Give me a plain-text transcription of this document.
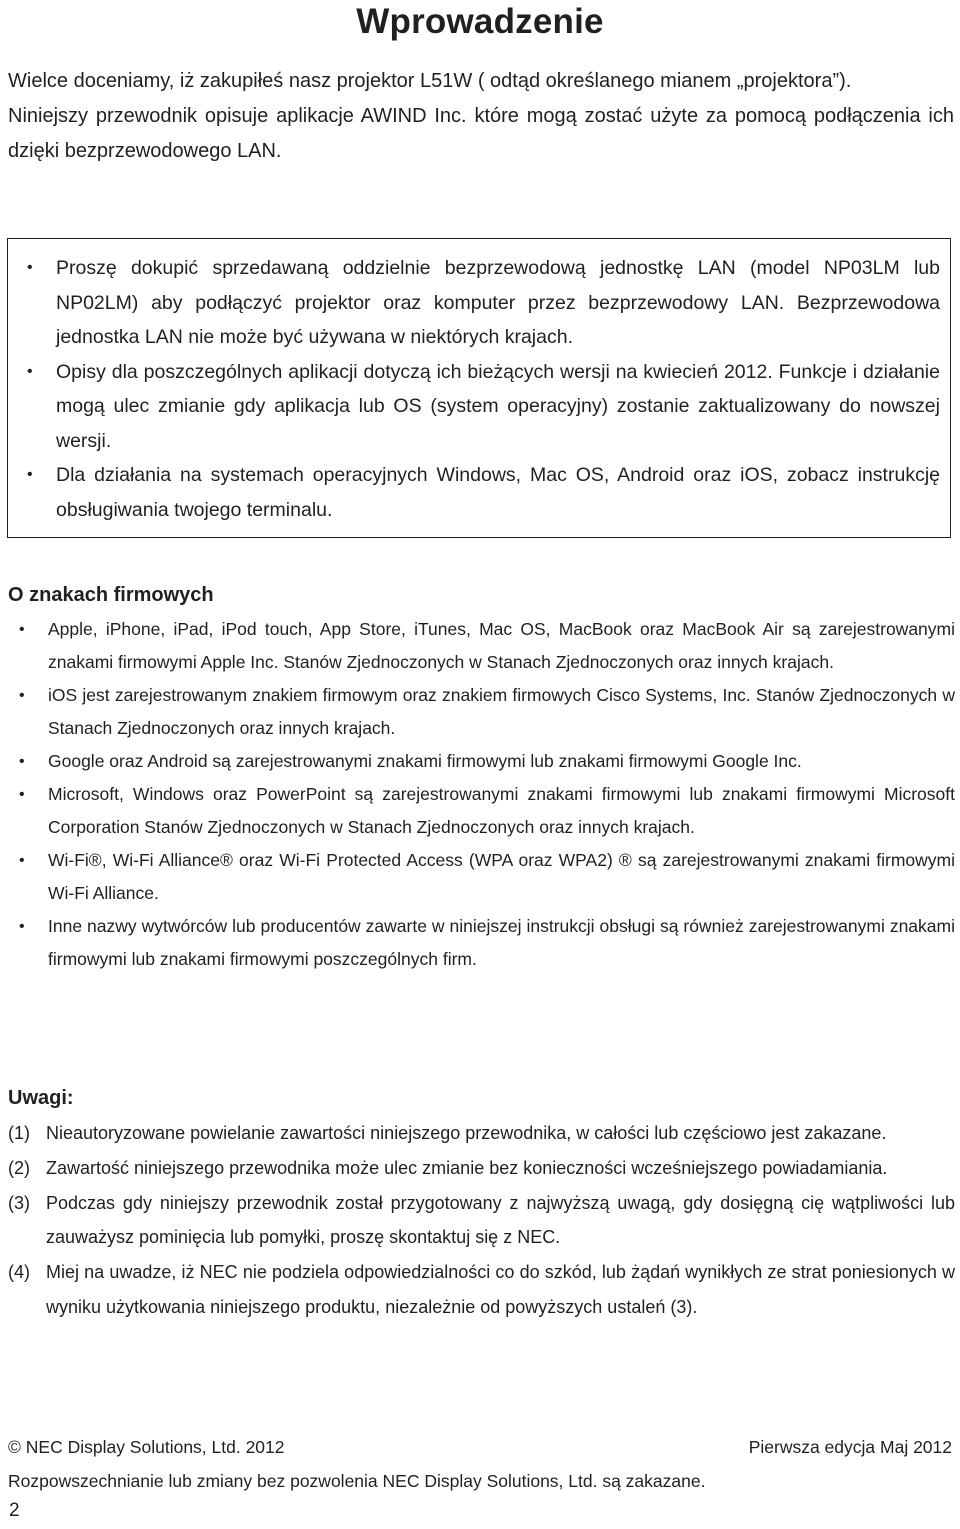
Wprowadzenie

Wielce doceniamy, iż zakupiłeś nasz projektor L51W ( odtąd określanego mianem „projektora”).

Niniejszy przewodnik opisuje aplikacje AWIND Inc. które mogą zostać użyte za pomocą podłączenia ich dzięki bezprzewodowego LAN.

• Proszę dokupić sprzedawaną oddzielnie bezprzewodową jednostkę LAN (model NP03LM lub NP02LM) aby podłączyć projektor oraz komputer przez bezprzewodowy LAN. Bezprzewodowa jednostka LAN nie może być używana w niektórych krajach.
• Opisy dla poszczególnych aplikacji dotyczą ich bieżących wersji na kwiecień 2012. Funkcje i działanie mogą ulec zmianie gdy aplikacja lub OS (system operacyjny) zostanie zaktualizowany do nowszej wersji.
• Dla działania na systemach operacyjnych Windows, Mac OS, Android oraz iOS, zobacz instrukcję obsługiwania twojego terminalu.
O znakach firmowych
• Apple, iPhone, iPad, iPod touch, App Store, iTunes, Mac OS, MacBook oraz MacBook Air są zarejestrowanymi znakami firmowymi Apple Inc. Stanów Zjednoczonych w Stanach Zjednoczonych oraz innych krajach.
• iOS jest zarejestrowanym znakiem firmowym oraz znakiem firmowych Cisco Systems, Inc. Stanów Zjednoczonych w Stanach Zjednoczonych oraz innych krajach.
• Google oraz Android są zarejestrowanymi znakami firmowymi lub znakami firmowymi Google Inc.
• Microsoft, Windows oraz PowerPoint są zarejestrowanymi znakami firmowymi lub znakami firmowymi Microsoft Corporation Stanów Zjednoczonych w Stanach Zjednoczonych oraz innych krajach.
• Wi-Fi®, Wi-Fi Alliance® oraz Wi-Fi Protected Access (WPA oraz WPA2) ® są zarejestrowanymi znakami firmowymi Wi-Fi Alliance.
• Inne nazwy wytwórców lub producentów zawarte w niniejszej instrukcji obsługi są również zarejestrowanymi znakami firmowymi lub znakami firmowymi poszczególnych firm.
Uwagi:
(1) Nieautoryzowane powielanie zawartości niniejszego przewodnika, w całości lub częściowo jest zakazane.
(2) Zawartość niniejszego przewodnika może ulec zmianie bez konieczności wcześniejszego powiadamiania.
(3) Podczas gdy niniejszy przewodnik został przygotowany z najwyższą uwagą, gdy dosięgną cię wątpliwości lub zauważysz pominięcia lub pomyłki, proszę skontaktuj się z NEC.
(4) Miej na uwadze, iż NEC nie podziela odpowiedzialności co do szkód, lub żądań wynikłych ze strat poniesionych w wyniku użytkowania niniejszego produktu, niezależnie od powyższych ustaleń (3).
© NEC Display Solutions, Ltd. 2012	Pierwsza edycja Maj 2012
Rozpowszechnianie lub zmiany bez pozwolenia NEC Display Solutions, Ltd. są zakazane.
2
